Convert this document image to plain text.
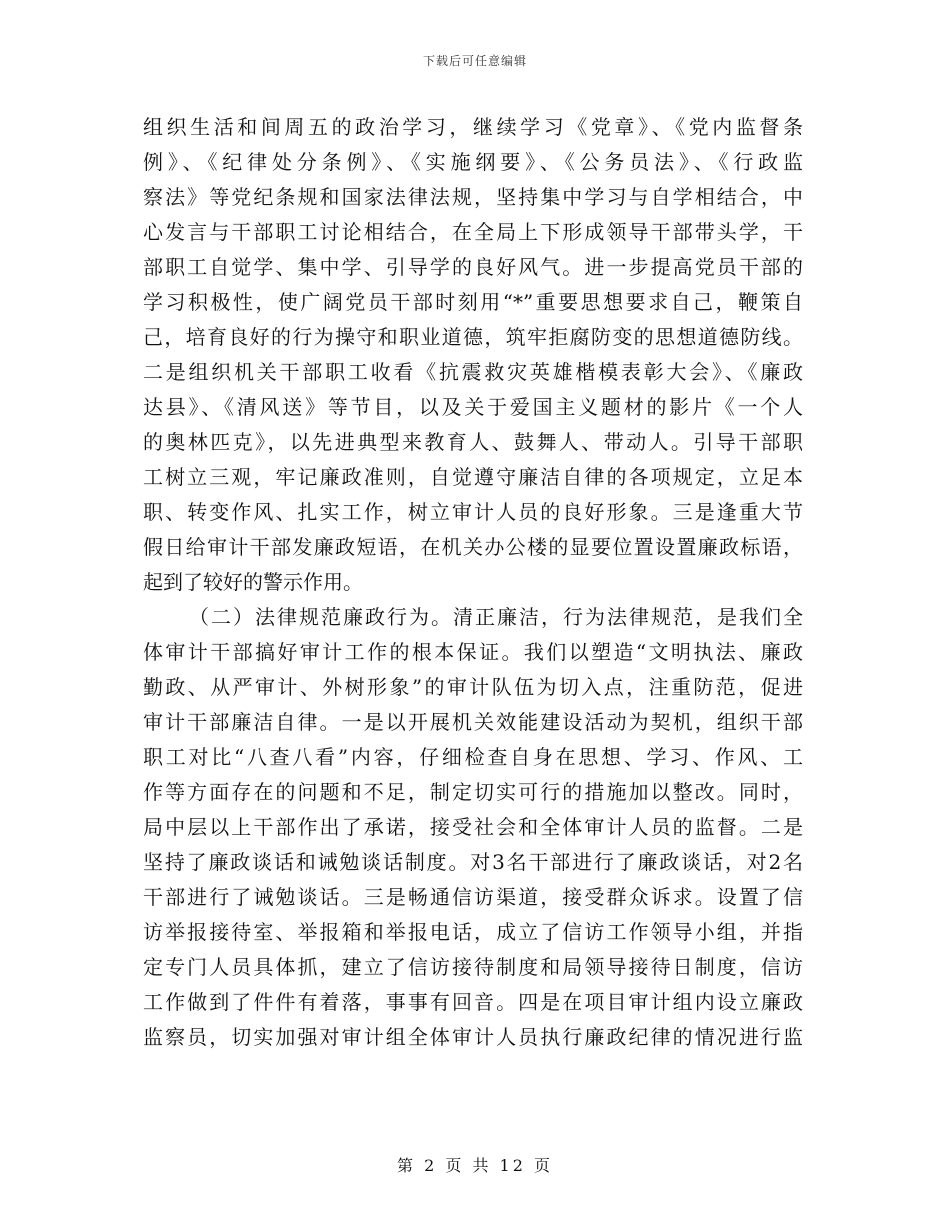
下载后可任意编辑
组织生活和间周五的政治学习，继续学习《党章》、《党内监督条
例》、《纪律处分条例》、《实施纲要》、《公务员法》、《行政监
察法》等党纪条规和国家法律法规，坚持集中学习与自学相结合，中
心发言与干部职工讨论相结合，在全局上下形成领导干部带头学，干
部职工自觉学、集中学、引导学的良好风气。进一步提高党员干部的
学习积极性，使广阔党员干部时刻用“*”重要思想要求自己，鞭策自
己，培育良好的行为操守和职业道德，筑牢拒腐防变的思想道德防线。
二是组织机关干部职工收看《抗震救灾英雄楷模表彰大会》、《廉政
达县》、《清风送》等节目，以及关于爱国主义题材的影片《一个人
的奥林匹克》，以先进典型来教育人、鼓舞人、带动人。引导干部职
工树立三观，牢记廉政准则，自觉遵守廉洁自律的各项规定，立足本
职、转变作风、扎实工作，树立审计人员的良好形象。三是逢重大节
假日给审计干部发廉政短语，在机关办公楼的显要位置设置廉政标语，
起到了较好的警示作用。
（二）法律规范廉政行为。清正廉洁，行为法律规范，是我们全
体审计干部搞好审计工作的根本保证。我们以塑造“文明执法、廉政
勤政、从严审计、外树形象”的审计队伍为切入点，注重防范，促进
审计干部廉洁自律。一是以开展机关效能建设活动为契机，组织干部
职工对比“八查八看”内容，仔细检查自身在思想、学习、作风、工
作等方面存在的问题和不足，制定切实可行的措施加以整改。同时，
局中层以上干部作出了承诺，接受社会和全体审计人员的监督。二是
坚持了廉政谈话和诫勉谈话制度。对3名干部进行了廉政谈话，对2名
干部进行了诫勉谈话。三是畅通信访渠道，接受群众诉求。设置了信
访举报接待室、举报箱和举报电话，成立了信访工作领导小组，并指
定专门人员具体抓，建立了信访接待制度和局领导接待日制度，信访
工作做到了件件有着落，事事有回音。四是在项目审计组内设立廉政
监察员，切实加强对审计组全体审计人员执行廉政纪律的情况进行监
第 2 页 共 12 页
